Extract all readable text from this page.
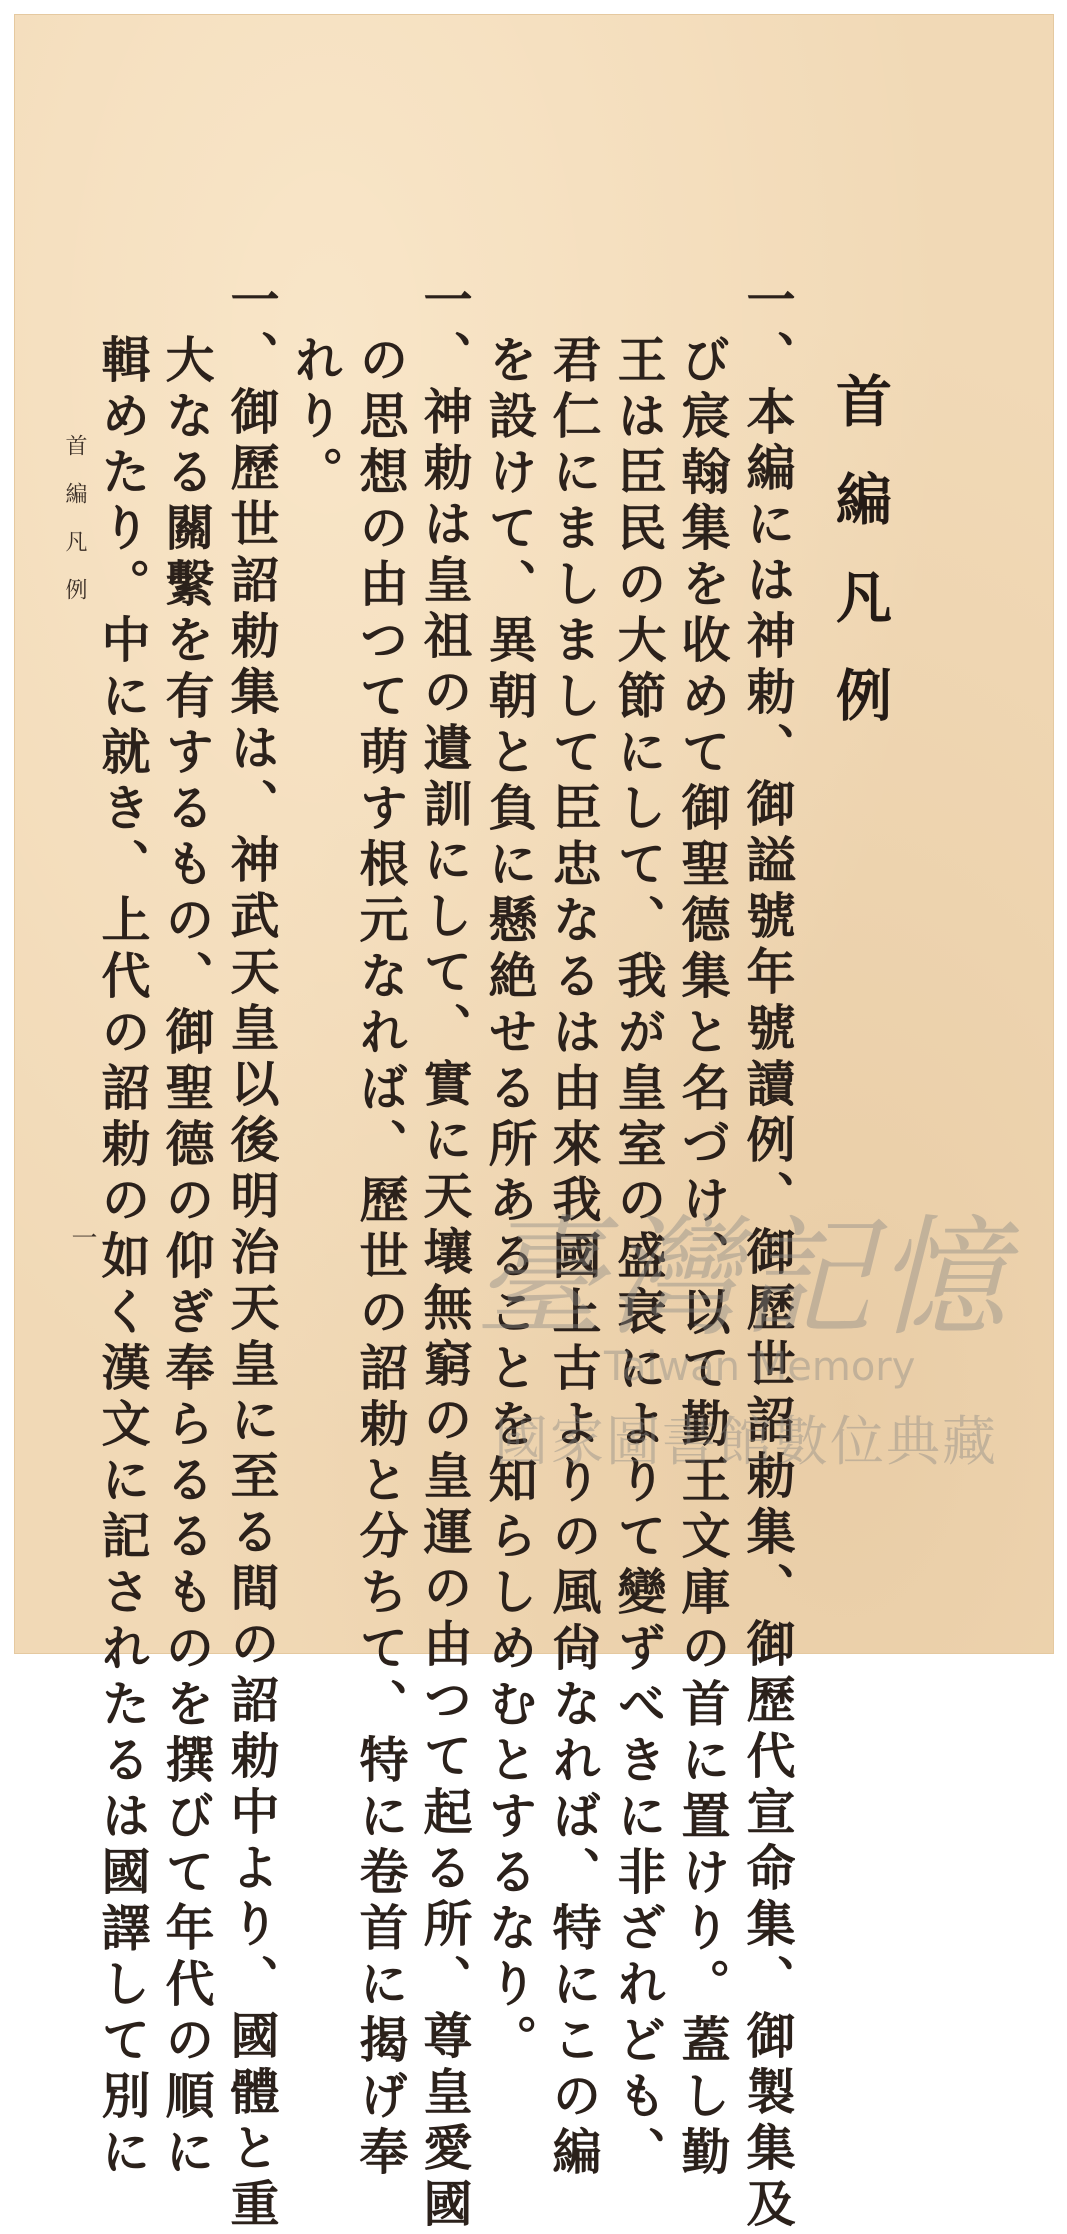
首編凡例
一、本編には神勅、御謚號年號讀例、御歷世詔勅集、御歷代宣命集、御製集及
び宸翰集を收めて御聖德集と名づけ、以て勤王文庫の首に置けり。蓋し勤
王は臣民の大節にして、我が皇室の盛衰によりて變ずべきに非ざれども、
君仁にましまして臣忠なるは由來我國上古よりの風尙なれば、特にこの編
を設けて、異朝と負に懸絶せる所あることを知らしめむとするなり。
一、神勅は皇祖の遺訓にして、實に天壤無窮の皇運の由つて起る所、尊皇愛國
の思想の由つて萌す根元なれば、歷世の詔勅と分ちて、特に卷首に揭げ奉
れり。
一、御歷世詔勅集は、神武天皇以後明治天皇に至る間の詔勅中より、國體と重
大なる關繫を有するもの、御聖德の仰ぎ奉らるるものを撰びて年代の順に
輯めたり。中に就き、上代の詔勅の如く漢文に記されたるは國譯して別に
首編凡例
一	臺灣記憶
Taiwan Memory
國家圖書館數位典藏
